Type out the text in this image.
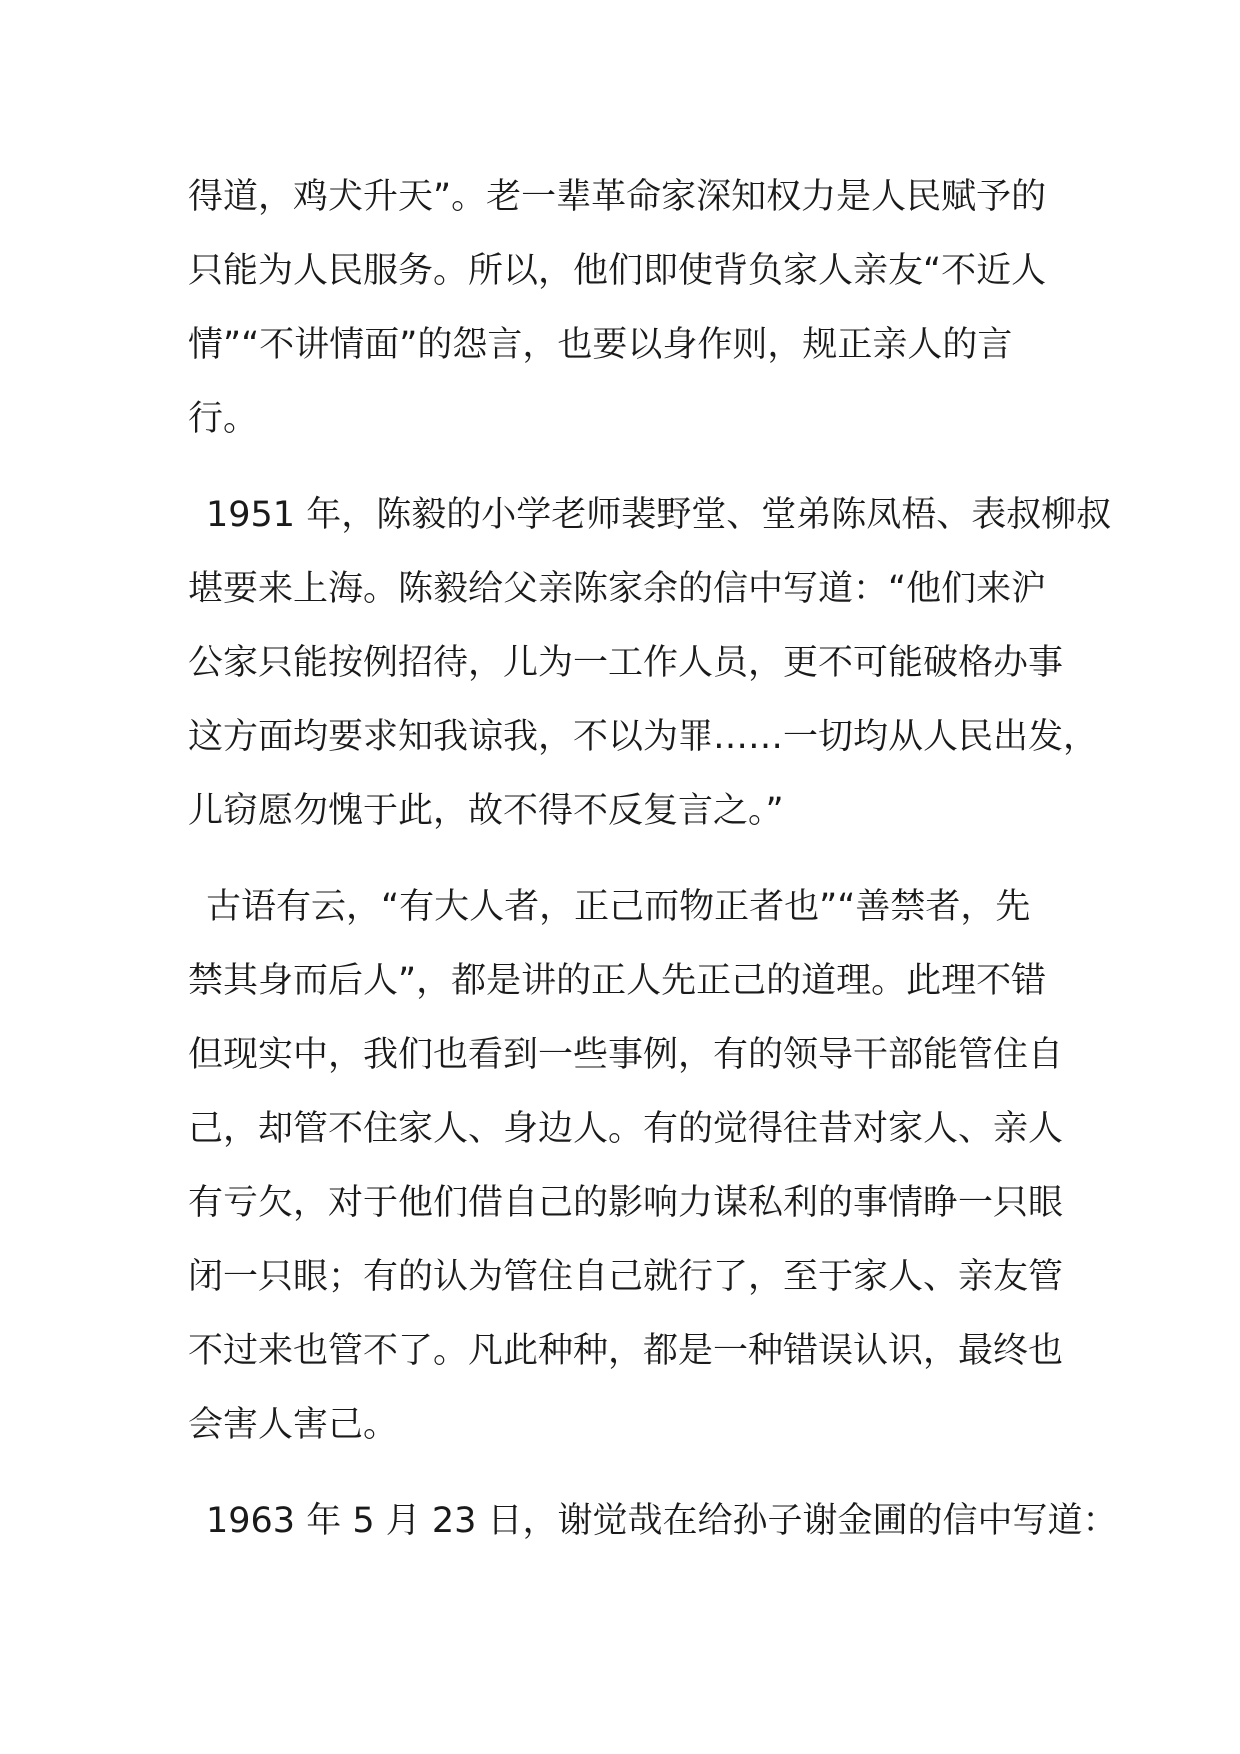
得道，鸡犬升天”。老一辈革命家深知权力是人民赋予的
只能为人民服务。所以，他们即使背负家人亲友“不近人
情”“不讲情面”的怨言，也要以身作则，规正亲人的言
行。
1951 年，陈毅的小学老师裴野堂、堂弟陈凤梧、表叔柳叔
堪要来上海。陈毅给父亲陈家余的信中写道：“他们来沪
公家只能按例招待，儿为一工作人员，更不可能破格办事
这方面均要求知我谅我，不以为罪……一切均从人民出发，
儿窃愿勿愧于此，故不得不反复言之。”
古语有云，“有大人者，正己而物正者也”“善禁者，先
禁其身而后人”，都是讲的正人先正己的道理。此理不错
但现实中，我们也看到一些事例，有的领导干部能管住自
己，却管不住家人、身边人。有的觉得往昔对家人、亲人
有亏欠，对于他们借自己的影响力谋私利的事情睁一只眼
闭一只眼；有的认为管住自己就行了，至于家人、亲友管
不过来也管不了。凡此种种，都是一种错误认识，最终也
会害人害己。
1963 年 5 月 23 日，谢觉哉在给孙子谢金圃的信中写道：
